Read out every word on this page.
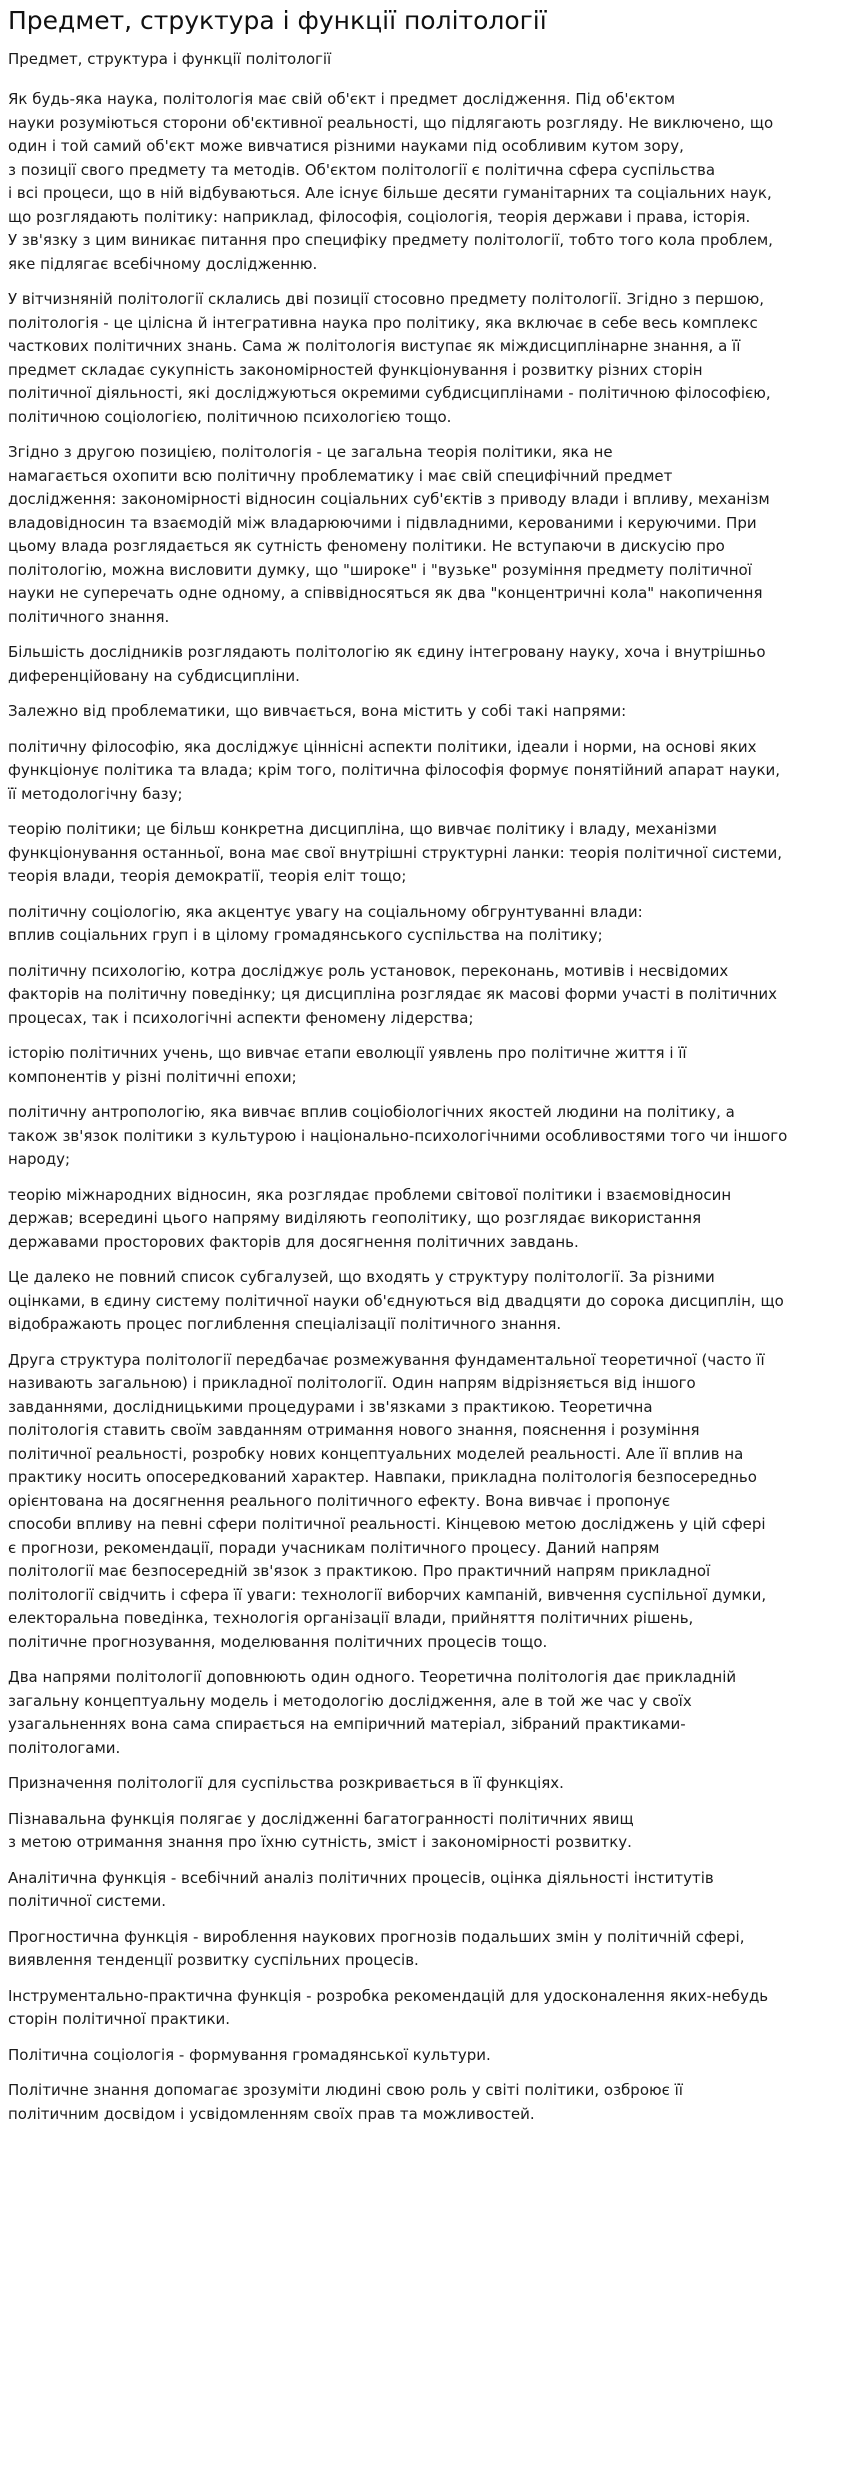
Предмет, структура і функції політології

Предмет, структура і функції політології

Як будь-яка наука, політологія має свій об'єкт і предмет дослідження. Під об'єктом
науки розуміються сторони об'єктивної реальності, що підлягають розгляду. Не виключено, що
один і той самий об'єкт може вивчатися різними науками під особливим кутом зору,
з позиції свого предмету та методів. Об'єктом політології є політична сфера суспільства
і всі процеси, що в ній відбуваються. Але існує більше десяти гуманітарних та соціальних наук,
що розглядають політику: наприклад, філософія, соціологія, теорія держави і права, історія.
У зв'язку з цим виникає питання про специфіку предмету політології, тобто того кола проблем,
яке підлягає всебічному дослідженню.

У вітчизняній політології склались дві позиції стосовно предмету політології. Згідно з першою,
політологія - це цілісна й інтегративна наука про політику, яка включає в себе весь комплекс
часткових політичних знань. Сама ж політологія виступає як міждисциплінарне знання, а її
предмет складає сукупність закономірностей функціонування і розвитку різних сторін
політичної діяльності, які досліджуються окремими субдисциплінами - політичною філософією,
політичною соціологією, політичною психологією тощо.

Згідно з другою позицією, політологія - це загальна теорія політики, яка не
намагається охопити всю політичну проблематику і має свій специфічний предмет
дослідження: закономірності відносин соціальних суб'єктів з приводу влади і впливу, механізм
владовідносин та взаємодій між владарюючими і підвладними, керованими і керуючими. При
цьому влада розглядається як сутність феномену політики. Не вступаючи в дискусію про
політологію, можна висловити думку, що "широке" і "вузьке" розуміння предмету політичної
науки не суперечать одне одному, а співвідносяться як два "концентричні кола" накопичення
політичного знання.

Більшість дослідників розглядають політологію як єдину інтегровану науку, хоча і внутрішньо
диференційовану на субдисципліни.

Залежно від проблематики, що вивчається, вона містить у собі такі напрями:

політичну філософію, яка досліджує ціннісні аспекти політики, ідеали і норми, на основі яких
функціонує політика та влада; крім того, політична філософія формує понятійний апарат науки,
її методологічну базу;

теорію політики; це більш конкретна дисципліна, що вивчає політику і владу, механізми
функціонування останньої, вона має свої внутрішні структурні ланки: теорія політичної системи,
теорія влади, теорія демократії, теорія еліт тощо;

політичну соціологію, яка акцентує увагу на соціальному обгрунтуванні влади:
вплив соціальних груп і в цілому громадянського суспільства на політику;

політичну психологію, котра досліджує роль установок, переконань, мотивів і несвідомих
факторів на політичну поведінку; ця дисципліна розглядає як масові форми участі в політичних
процесах, так і психологічні аспекти феномену лідерства;

історію політичних учень, що вивчає етапи еволюції уявлень про політичне життя і її
компонентів у різні політичні епохи;

політичну антропологію, яка вивчає вплив соціобіологічних якостей людини на політику, а
також зв'язок політики з культурою і національно-психологічними особливостями того чи іншого
народу;

теорію міжнародних відносин, яка розглядає проблеми світової політики і взаємовідносин
держав; всередині цього напряму виділяють геополітику, що розглядає використання
державами просторових факторів для досягнення політичних завдань.

Це далеко не повний список субгалузей, що входять у структуру політології. За різними
оцінками, в єдину систему політичної науки об'єднуються від двадцяти до сорока дисциплін, що
відображають процес поглиблення спеціалізації політичного знання.

Друга структура політології передбачає розмежування фундаментальної теоретичної (часто її
називають загальною) і прикладної політології. Один напрям відрізняється від іншого
завданнями, дослідницькими процедурами і зв'язками з практикою. Теоретична
політологія ставить своїм завданням отримання нового знання, пояснення і розуміння
політичної реальності, розробку нових концептуальних моделей реальності. Але її вплив на
практику носить опосередкований характер. Навпаки, прикладна політологія безпосередньо
орієнтована на досягнення реального політичного ефекту. Вона вивчає і пропонує
способи впливу на певні сфери політичної реальності. Кінцевою метою досліджень у цій сфері
є прогнози, рекомендації, поради учасникам політичного процесу. Даний напрям
політології має безпосередній зв'язок з практикою. Про практичний напрям прикладної
політології свідчить і сфера її уваги: технології виборчих кампаній, вивчення суспільної думки,
електоральна поведінка, технологія організації влади, прийняття політичних рішень,
політичне прогнозування, моделювання політичних процесів тощо.

Два напрями політології доповнюють один одного. Теоретична політологія дає прикладній
загальну концептуальну модель і методологію дослідження, але в той же час у своїх
узагальненнях вона сама спирається на емпіричний матеріал, зібраний практиками-
політологами.

Призначення політології для суспільства розкривається в її функціях.

Пізнавальна функція полягає у дослідженні багатогранності політичних явищ
з метою отримання знання про їхню сутність, зміст і закономірності розвитку.

Аналітична функція - всебічний аналіз політичних процесів, оцінка діяльності інститутів
політичної системи.

Прогностична функція - вироблення наукових прогнозів подальших змін у політичній сфері,
виявлення тенденції розвитку суспільних процесів.

Інструментально-практична функція - розробка рекомендацій для удосконалення яких-небудь
сторін політичної практики.

Політична соціологія - формування громадянської культури.

Політичне знання допомагає зрозуміти людині свою роль у світі політики, озброює її
політичним досвідом і усвідомленням своїх прав та можливостей.
